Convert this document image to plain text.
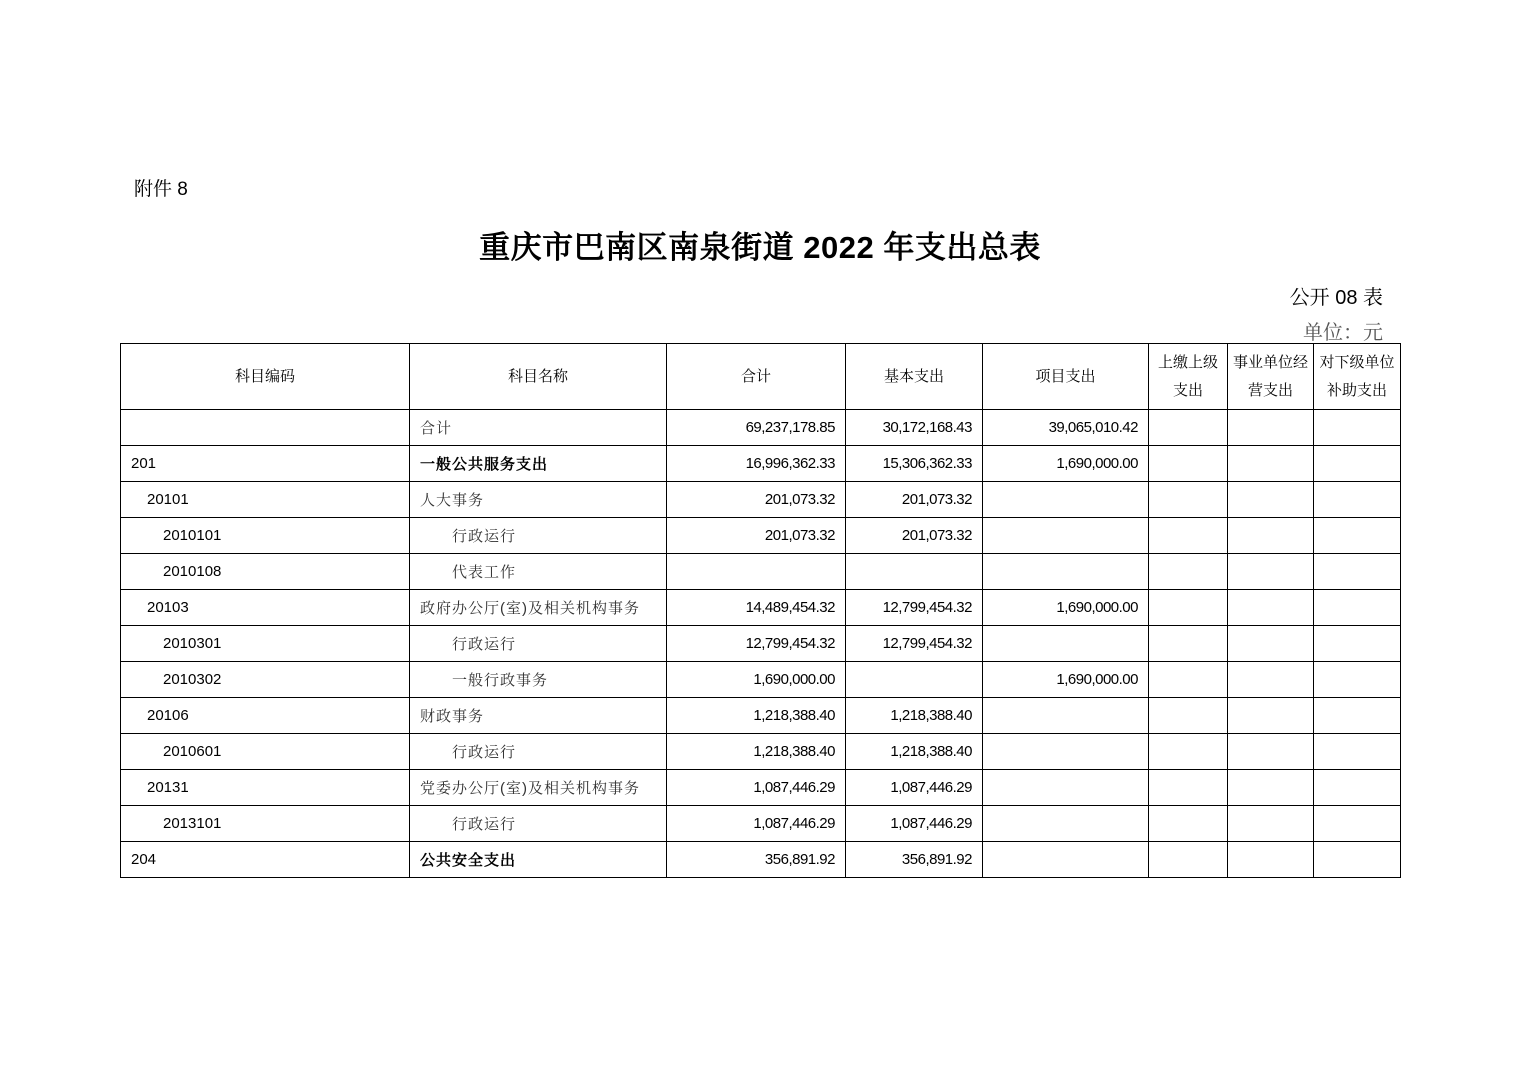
附件 8
重庆市巴南区南泉街道 2022 年支出总表
公开 08 表
单位：元
科目编码	科目名称	合计	基本支出	项目支出	上缴上级支出	事业单位经营支出	对下级单位补助支出
	合计	69,237,178.85	30,172,168.43	39,065,010.42			
201	一般公共服务支出	16,996,362.33	15,306,362.33	1,690,000.00			
20101	人大事务	201,073.32	201,073.32				
2010101	行政运行	201,073.32	201,073.32				
2010108	代表工作						
20103	政府办公厅(室)及相关机构事务	14,489,454.32	12,799,454.32	1,690,000.00			
2010301	行政运行	12,799,454.32	12,799,454.32				
2010302	一般行政事务	1,690,000.00		1,690,000.00			
20106	财政事务	1,218,388.40	1,218,388.40				
2010601	行政运行	1,218,388.40	1,218,388.40				
20131	党委办公厅(室)及相关机构事务	1,087,446.29	1,087,446.29				
2013101	行政运行	1,087,446.29	1,087,446.29				
204	公共安全支出	356,891.92	356,891.92				
